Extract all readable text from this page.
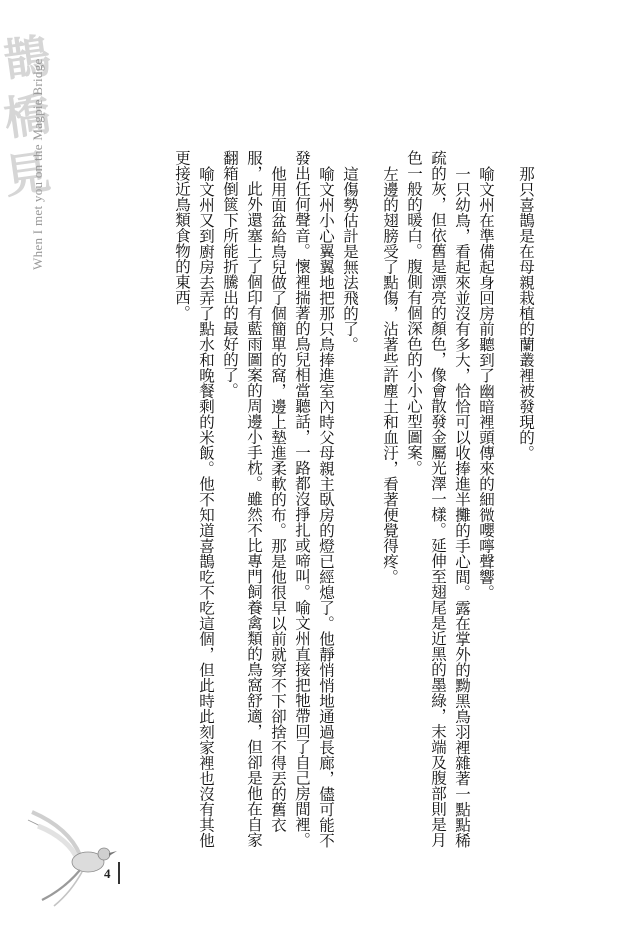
鵲
橋
見
When I met you on the Magpie Bridge

那只喜鵲是在母親栽植的蘭叢裡被發現的。

喻文州在準備起身回房前聽到了幽暗裡頭傳來的細微嚶嚀聲響。

一只幼鳥，看起來並沒有多大，恰恰可以收捧進半攤的手心間。露在掌外的黝黑鳥羽裡雜著一點點稀疏的灰，但依舊是漂亮的顏色，像會散發金屬光澤一樣。延伸至翅尾是近黑的墨綠，末端及腹部則是月色一般的暖白。腹側有個深色的小小心型圖案。

左邊的翅膀受了點傷，沾著些許塵土和血汙，看著便覺得疼。

這傷勢估計是無法飛的了。

喻文州小心翼翼地把那只鳥捧進室內時父母親主臥房的燈已經熄了。他靜悄悄地通過長廊，儘可能不發出任何聲音。懷裡揣著的鳥兒相當聽話，一路都沒掙扎或啼叫。喻文州直接把牠帶回了自己房間裡。

他用面盆給鳥兒做了個簡單的窩，邊上墊進柔軟的布。那是他很早以前就穿不下卻捨不得丟的舊衣服，此外還塞上了個印有藍雨圖案的周邊小手枕。雖然不比專門飼養禽類的鳥窩舒適，但卻是他在自家翻箱倒篋下所能折騰出的最好的了。

喻文州又到廚房去弄了點水和晚餐剩的米飯。他不知道喜鵲吃不吃這個，但此時此刻家裡也沒有其他更接近鳥類食物的東西。

4
